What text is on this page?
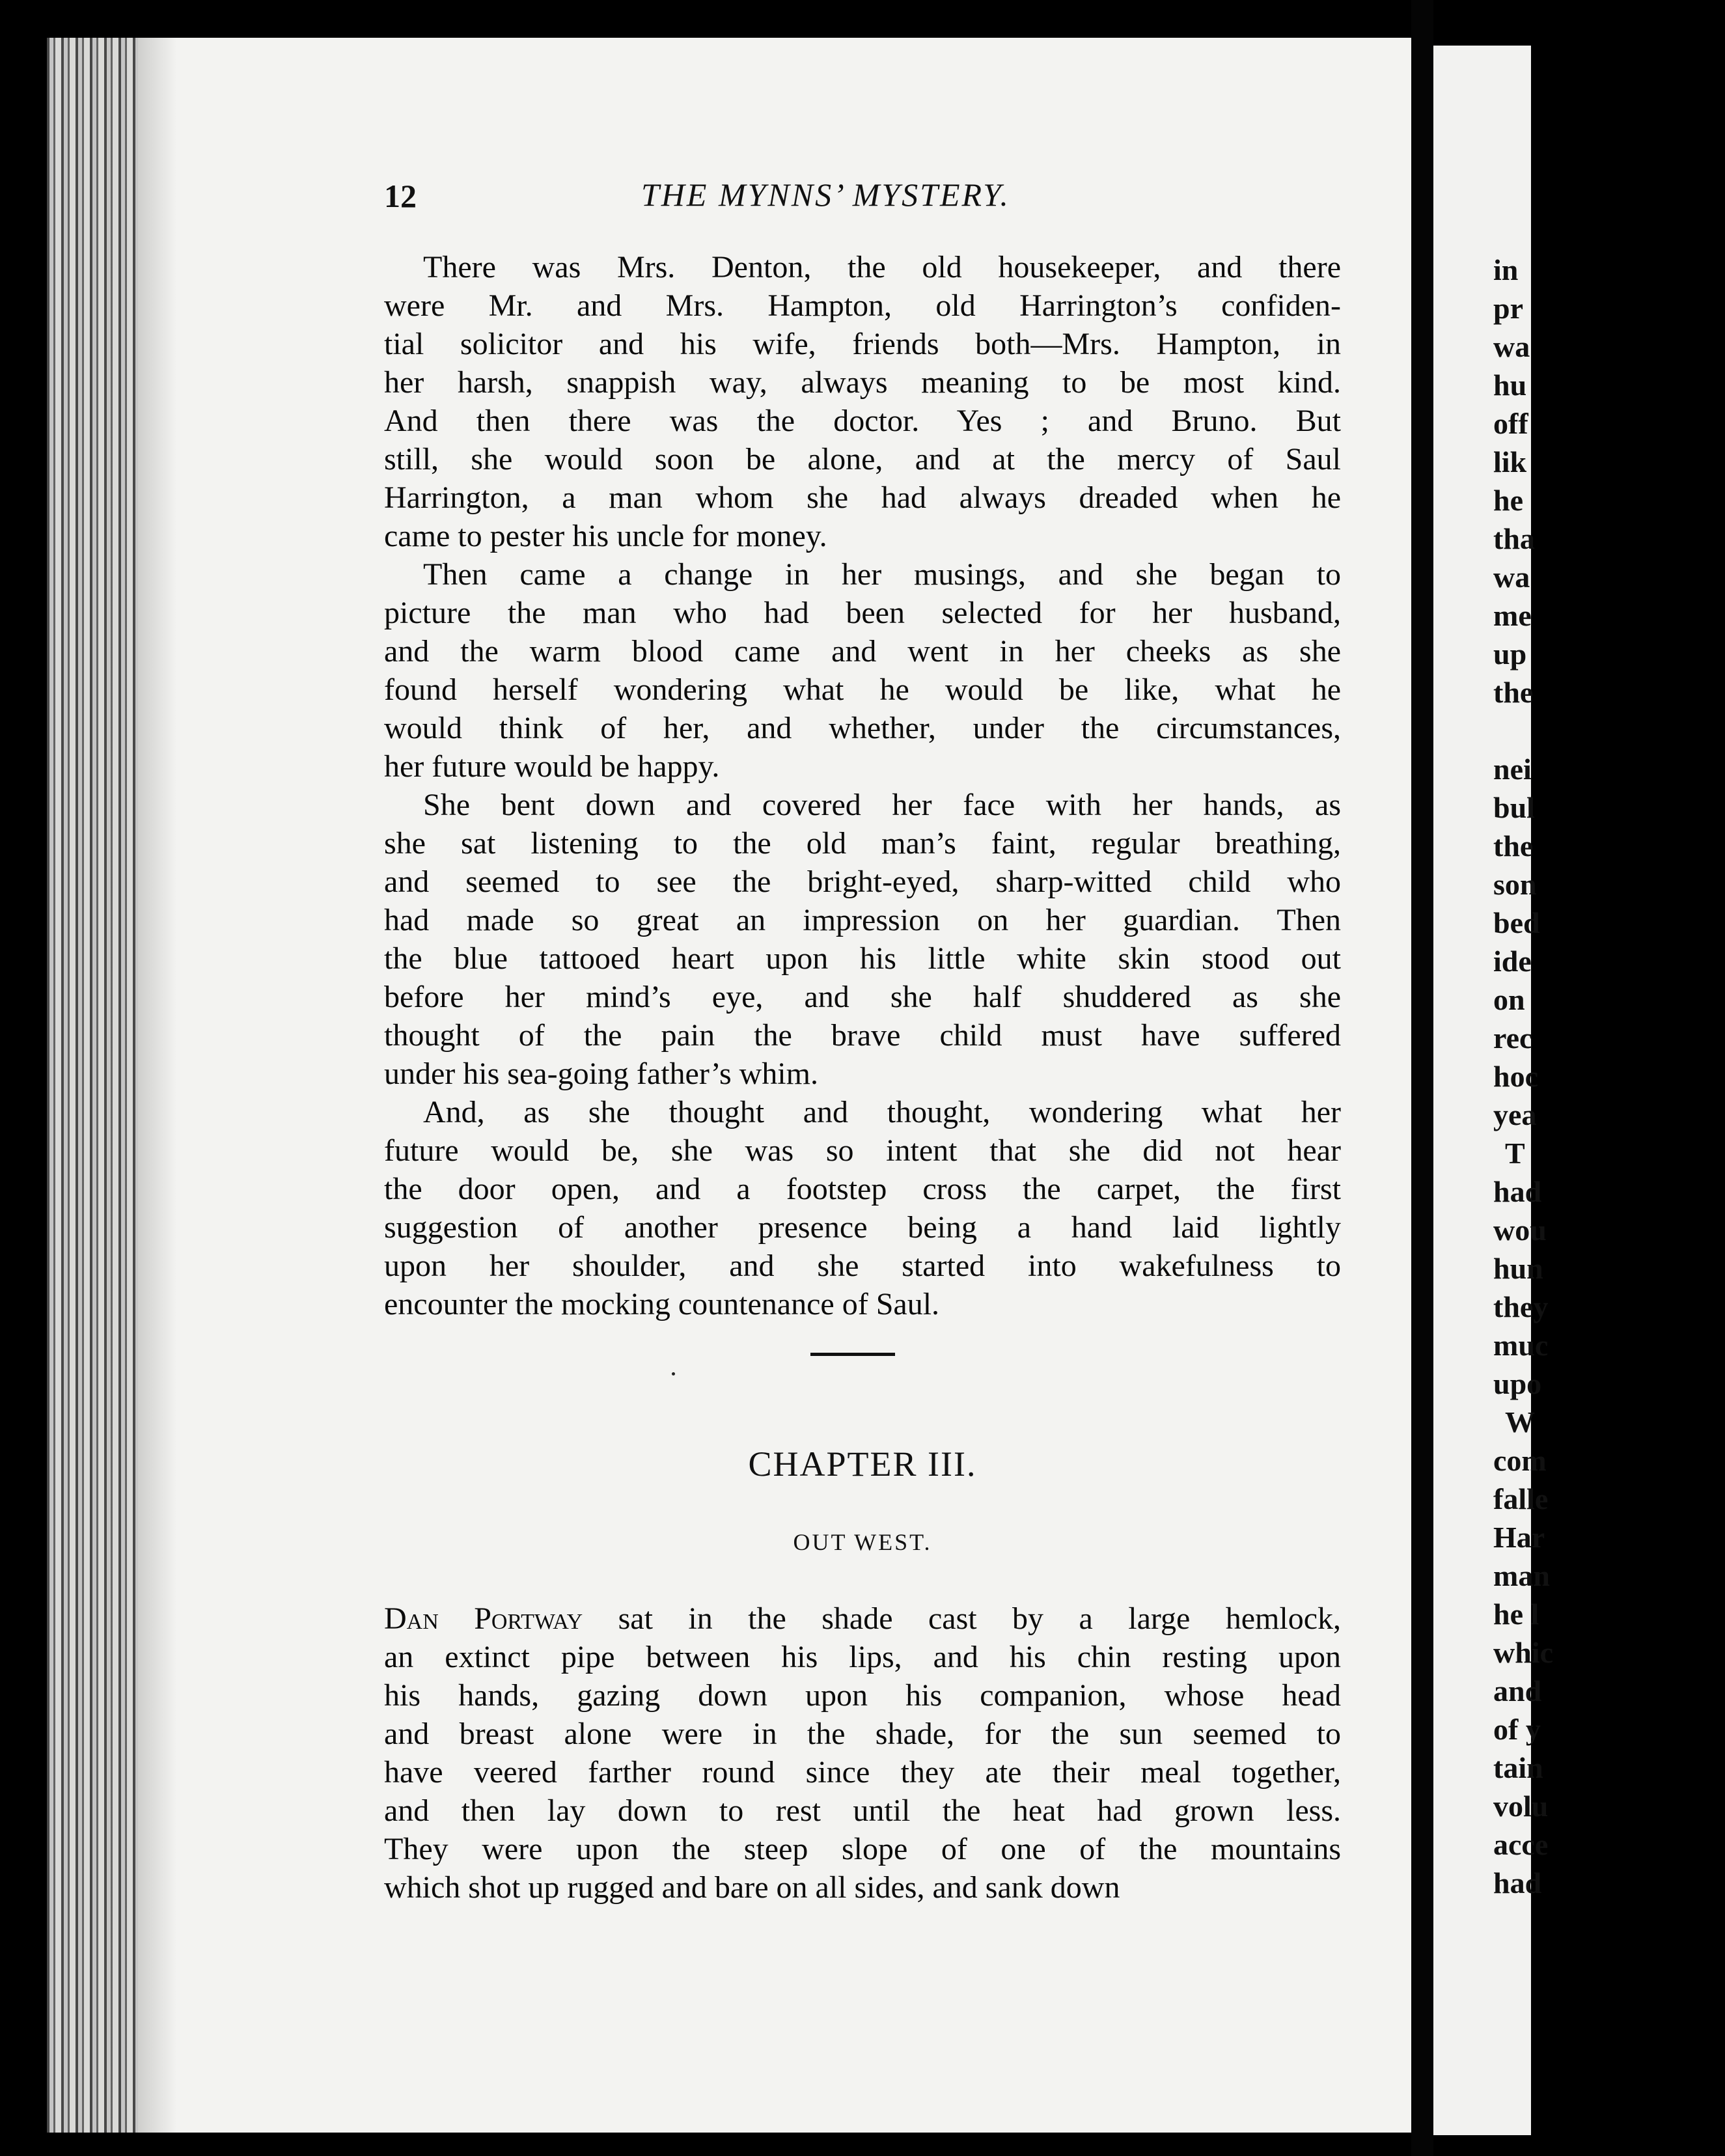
in
pr
wa
hu
off
lik
he
tha
wa
me
up
the
nei
bul
the
son
bed
ide
on
rec
hoc
yea
T
had
wou
hun
they
muc
upo
W
com
falle
Har
man
he l
whic
and
of y
tain
volu
acce
had
12	THE MYNNS’ MYSTERY.
There was Mrs. Denton, the old housekeeper, and there
were Mr. and Mrs. Hampton, old Harrington’s confiden-
tial solicitor and his wife, friends both—Mrs. Hampton, in
her harsh, snappish way, always meaning to be most kind.
And then there was the doctor. Yes ; and Bruno. But
still, she would soon be alone, and at the mercy of Saul
Harrington, a man whom she had always dreaded when he
came to pester his uncle for money.
Then came a change in her musings, and she began to
picture the man who had been selected for her husband,
and the warm blood came and went in her cheeks as she
found herself wondering what he would be like, what he
would think of her, and whether, under the circumstances,
her future would be happy.
She bent down and covered her face with her hands, as
she sat listening to the old man’s faint, regular breathing,
and seemed to see the bright-eyed, sharp-witted child who
had made so great an impression on her guardian. Then
the blue tattooed heart upon his little white skin stood out
before her mind’s eye, and she half shuddered as she
thought of the pain the brave child must have suffered
under his sea-going father’s whim.
And, as she thought and thought, wondering what her
future would be, she was so intent that she did not hear
the door open, and a footstep cross the carpet, the first
suggestion of another presence being a hand laid lightly
upon her shoulder, and she started into wakefulness to
encounter the mocking countenance of Saul.
CHAPTER III.
OUT WEST.
Dan Portway sat in the shade cast by a large hemlock,
an extinct pipe between his lips, and his chin resting upon
his hands, gazing down upon his companion, whose head
and breast alone were in the shade, for the sun seemed to
have veered farther round since they ate their meal together,
and then lay down to rest until the heat had grown less.
They were upon the steep slope of one of the mountains
which shot up rugged and bare on all sides, and sank down
